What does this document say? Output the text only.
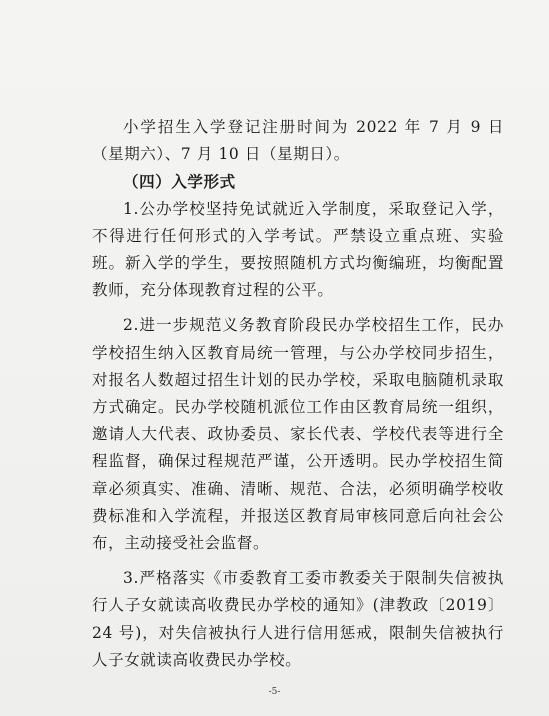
小学招生入学登记注册时间为 2022 年 7 月 9 日（星期六）、7 月 10 日（星期日）。

（四）入学形式

1.公办学校坚持免试就近入学制度，采取登记入学，不得进行任何形式的入学考试。严禁设立重点班、实验班。新入学的学生，要按照随机方式均衡编班，均衡配置教师，充分体现教育过程的公平。

2.进一步规范义务教育阶段民办学校招生工作，民办学校招生纳入区教育局统一管理，与公办学校同步招生，对报名人数超过招生计划的民办学校，采取电脑随机录取方式确定。民办学校随机派位工作由区教育局统一组织，邀请人大代表、政协委员、家长代表、学校代表等进行全程监督，确保过程规范严谨，公开透明。民办学校招生简章必须真实、准确、清晰、规范、合法，必须明确学校收费标准和入学流程，并报送区教育局审核同意后向社会公布，主动接受社会监督。

3.严格落实《市委教育工委市教委关于限制失信被执行人子女就读高收费民办学校的通知》(津教政〔2019〕24 号)，对失信被执行人进行信用惩戒，限制失信被执行人子女就读高收费民办学校。

-5-
